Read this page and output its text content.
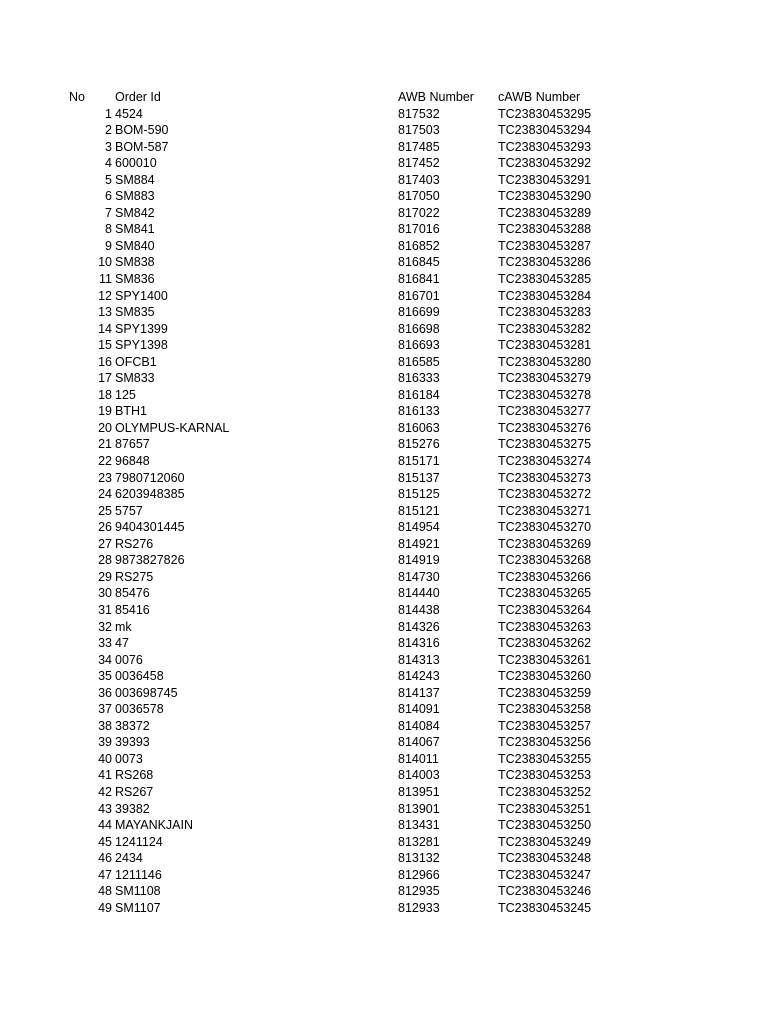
No Order Id	AWB Number cAWB Number
1 4524	817532	TC23830453295
2 BOM-590	817503	TC23830453294
3 BOM-587	817485	TC23830453293
4 600010	817452	TC23830453292
5 SM884	817403	TC23830453291
6 SM883	817050	TC23830453290
7 SM842	817022	TC23830453289
8 SM841	817016	TC23830453288
9 SM840	816852	TC23830453287
10 SM838	816845	TC23830453286
11 SM836	816841	TC23830453285
12 SPY1400	816701	TC23830453284
13 SM835	816699	TC23830453283
14 SPY1399	816698	TC23830453282
15 SPY1398	816693	TC23830453281
16 OFCB1	816585	TC23830453280
17 SM833	816333	TC23830453279
18 125	816184	TC23830453278
19 BTH1	816133	TC23830453277
20 OLYMPUS-KARNAL	816063	TC23830453276
21 87657	815276	TC23830453275
22 96848	815171	TC23830453274
23 7980712060	815137	TC23830453273
24 6203948385	815125	TC23830453272
25 5757	815121	TC23830453271
26 9404301445	814954	TC23830453270
27 RS276	814921	TC23830453269
28 9873827826	814919	TC23830453268
29 RS275	814730	TC23830453266
30 85476	814440	TC23830453265
31 85416	814438	TC23830453264
32 mk	814326	TC23830453263
33 47	814316	TC23830453262
34 0076	814313	TC23830453261
35 0036458	814243	TC23830453260
36 003698745	814137	TC23830453259
37 0036578	814091	TC23830453258
38 38372	814084	TC23830453257
39 39393	814067	TC23830453256
40 0073	814011	TC23830453255
41 RS268	814003	TC23830453253
42 RS267	813951	TC23830453252
43 39382	813901	TC23830453251
44 MAYANKJAIN	813431	TC23830453250
45 1241124	813281	TC23830453249
46 2434	813132	TC23830453248
47 1211146	812966	TC23830453247
48 SM1108	812935	TC23830453246
49 SM1107	812933	TC23830453245
